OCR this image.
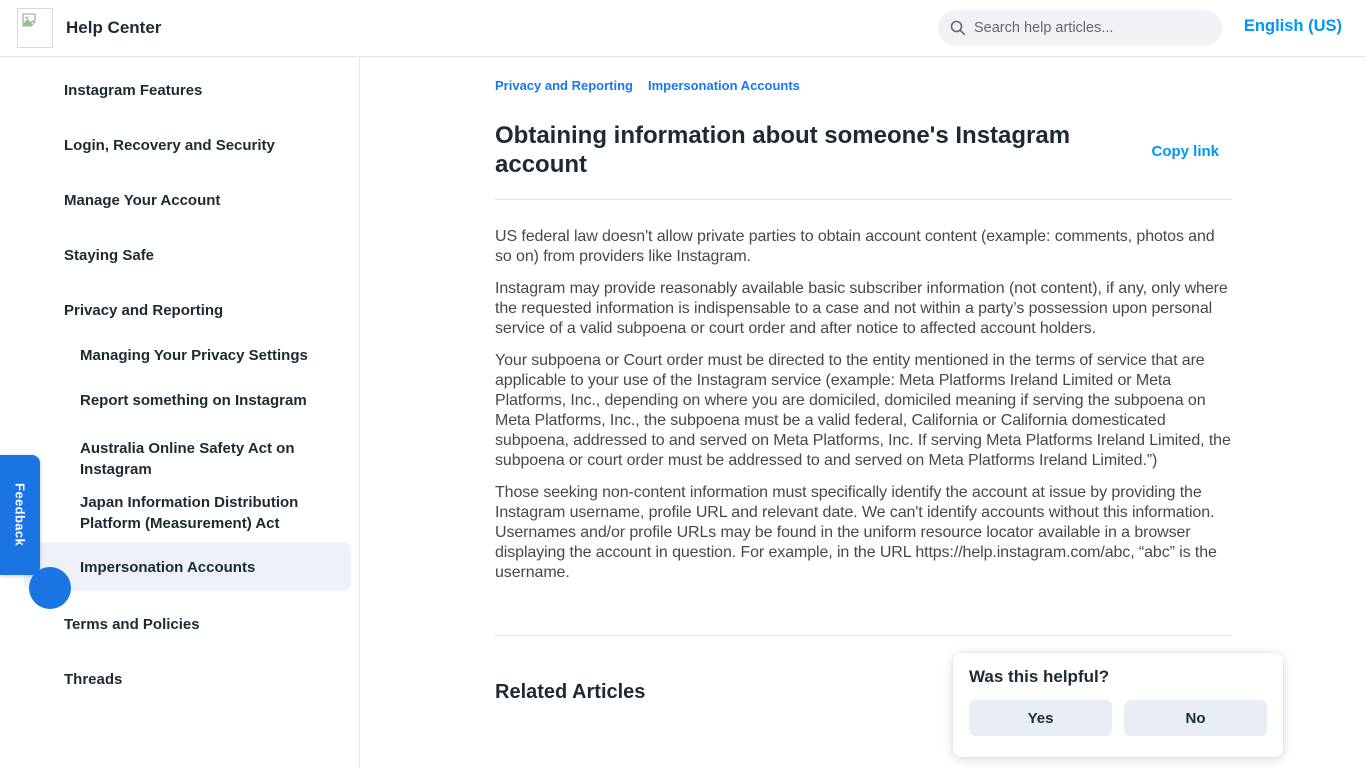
Help Center
Search help articles...	English (US)
Instagram Features
Login, Recovery and Security
Manage Your Account
Staying Safe
Privacy and Reporting
Managing Your Privacy Settings
Report something on Instagram
Australia Online Safety Act on Instagram
Japan Information Distribution Platform (Measurement) Act
Impersonation Accounts
Terms and Policies
Threads
Feedback
Privacy and Reporting Impersonation Accounts
Obtaining information about someone's Instagram account	Copy link

US federal law doesn't allow private parties to obtain account content (example: comments, photos and so on) from providers like Instagram.

Instagram may provide reasonably available basic subscriber information (not content), if any, only where the requested information is indispensable to a case and not within a party’s possession upon personal service of a valid subpoena or court order and after notice to affected account holders.

Your subpoena or Court order must be directed to the entity mentioned in the terms of service that are applicable to your use of the Instagram service (example: Meta Platforms Ireland Limited or Meta Platforms, Inc., depending on where you are domiciled, domiciled meaning if serving the subpoena on Meta Platforms, Inc., the subpoena must be a valid federal, California or California domesticated subpoena, addressed to and served on Meta Platforms, Inc. If serving Meta Platforms Ireland Limited, the subpoena or court order must be addressed to and served on Meta Platforms Ireland Limited.”)

Those seeking non-content information must specifically identify the account at issue by providing the Instagram username, profile URL and relevant date. We can't identify accounts without this information. Usernames and/or profile URLs may be found in the uniform resource locator available in a browser displaying the account in question. For example, in the URL https://help.instagram.com/abc, “abc” is the username.

Related Articles
Was this helpful?
Yes	No
